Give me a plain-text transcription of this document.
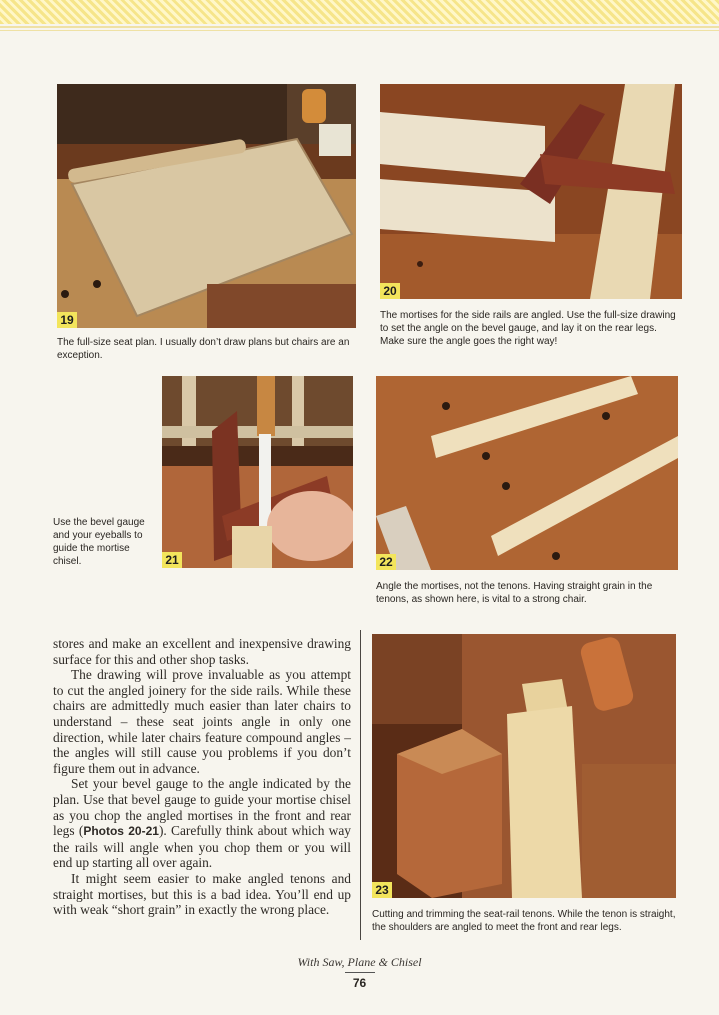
19
The full-size seat plan. I usually don’t draw plans but chairs are an exception.
20
The mortises for the side rails are angled. Use the full-size drawing to set the angle on the bevel gauge, and lay it on the rear legs. Make sure the angle goes the right way!
21
Use the bevel gauge and your eyeballs to guide the mortise chisel.	22
Angle the mortises, not the tenons. Having straight grain in the tenons, as shown here, is vital to a strong chair.

stores and make an excellent and inexpensive drawing surface for this and other shop tasks.

The drawing will prove invaluable as you attempt to cut the angled joinery for the side rails. While these chairs are admittedly much easier than later chairs to understand – these seat joints angle in only one direction, while later chairs feature compound angles – the angles will still cause you problems if you don’t figure them out in advance.

Set your bevel gauge to the angle indicated by the plan. Use that bevel gauge to guide your mortise chisel as you chop the angled mortises in the front and rear legs (Photos 20-21). Carefully think about which way the rails will angle when you chop them or you will end up starting all over again.

It might seem easier to make angled tenons and straight mortises, but this is a bad idea. You’ll end up with weak “short grain” in exactly the wrong place.

23
Cutting and trimming the seat-rail tenons. While the tenon is straight, the shoulders are angled to meet the front and rear legs.
With Saw, Plane & Chisel
76
